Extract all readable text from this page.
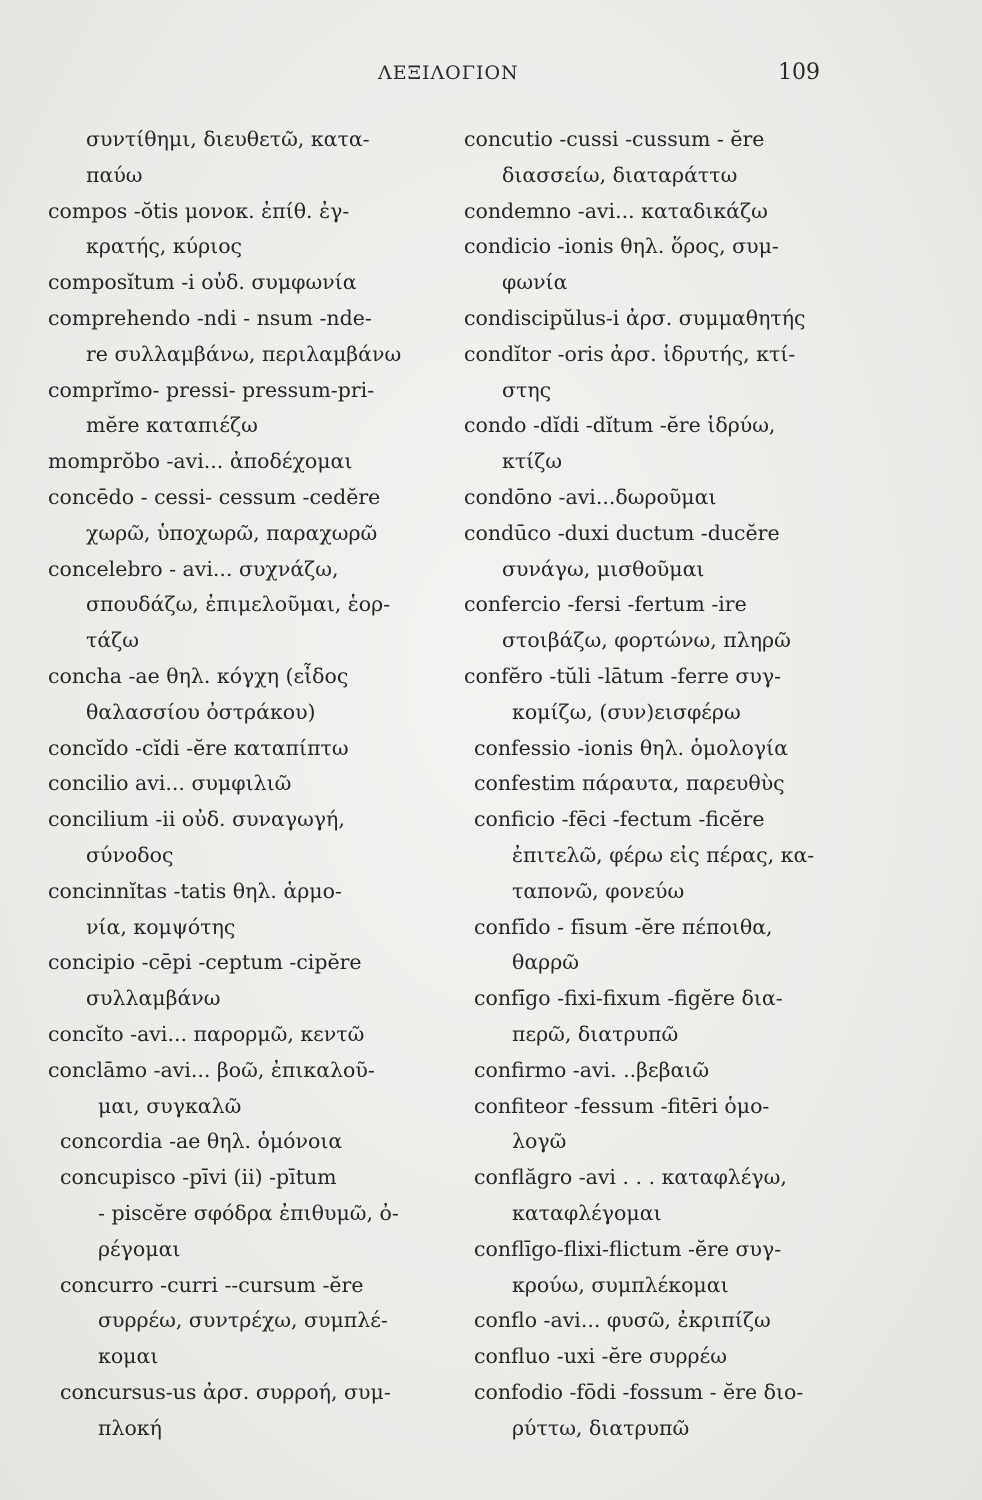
ΛΕΞΙΛΟΓΙΟΝ	109
συντίθημι, διευθετῶ, κατα-
παύω
compos -ŏtis μονοκ. ἐπίθ. ἐγ-
κρατής, κύριος
composĭtum -i οὐδ. συμφωνία
comprehendo -ndi - nsum -nde-
re συλλαμβάνω, περιλαμβάνω
comprĭmo- pressi- pressum-pri-
mĕre καταπιέζω
momprŏbo -avi... ἀποδέχομαι
concēdo - cessi- cessum -cedĕre
χωρῶ, ὑποχωρῶ, παραχωρῶ
concelebro - avi... συχνάζω,
σπουδάζω, ἐπιμελοῦμαι, ἑορ-
τάζω
concha -ae θηλ. κόγχη (εἶδος
θαλασσίου ὀστράκου)
concĭdo -cĭdi -ĕre καταπίπτω
concilio avi... συμφιλιῶ
concilium -ii οὐδ. συναγωγή,
σύνοδος
concinnĭtas -tatis θηλ. ἁρμο-
νία, κομψότης
concipio -cēpi -ceptum -cipĕre
συλλαμβάνω
concĭto -avi... παρορμῶ, κεντῶ
conclāmo -avi... βοῶ, ἐπικαλοῦ-
μαι, συγκαλῶ
concordia -ae θηλ. ὁμόνοια
concupisco -pīvi (ii) -pītum
- piscĕre σφόδρα ἐπιθυμῶ, ὀ-
ρέγομαι
concurro -curri --cursum -ĕre
συρρέω, συντρέχω, συμπλέ-
κομαι
concursus-us ἀρσ. συρροή, συμ-
πλοκή
concutio -cussi -cussum - ĕre
διασσείω, διαταράττω
condemno -avi... καταδικάζω
condicio -ionis θηλ. ὅρος, συμ-
φωνία
condiscipŭlus-i ἀρσ. συμμαθητής
condĭtor -oris ἀρσ. ἱδρυτής, κτί-
στης
condo -dĭdi -dĭtum -ĕre ἱδρύω,
κτίζω
condōno -avi...δωροῦμαι
condūco -duxi ductum -ducĕre
συνάγω, μισθοῦμαι
confercio -fersi -fertum -ire
στοιβάζω, φορτώνω, πληρῶ
confĕro -tŭli -lātum -ferre συγ-
κομίζω, (συν)εισφέρω
confessio -ionis θηλ. ὁμολογία
confestim πάραυτα, παρευθὺς
conficio -fēci -fectum -ficĕre
ἐπιτελῶ, φέρω εἰς πέρας, κα-
ταπονῶ, φονεύω
confīdo - fīsum -ĕre πέποιθα,
θαρρῶ
confīgo -fixi-fixum -figĕre δια-
περῶ, διατρυπῶ
confirmo -avi. ..βεβαιῶ
confiteor -fessum -fitēri ὁμο-
λογῶ
conflăgro -avi . . . καταφλέγω,
καταφλέγομαι
conflīgo-flixi-flictum -ĕre συγ-
κρούω, συμπλέκομαι
conflo -avi... φυσῶ, ἐκριπίζω
confluo -uxi -ĕre συρρέω
confodio -fōdi -fossum - ĕre διο-
ρύττω, διατρυπῶ
